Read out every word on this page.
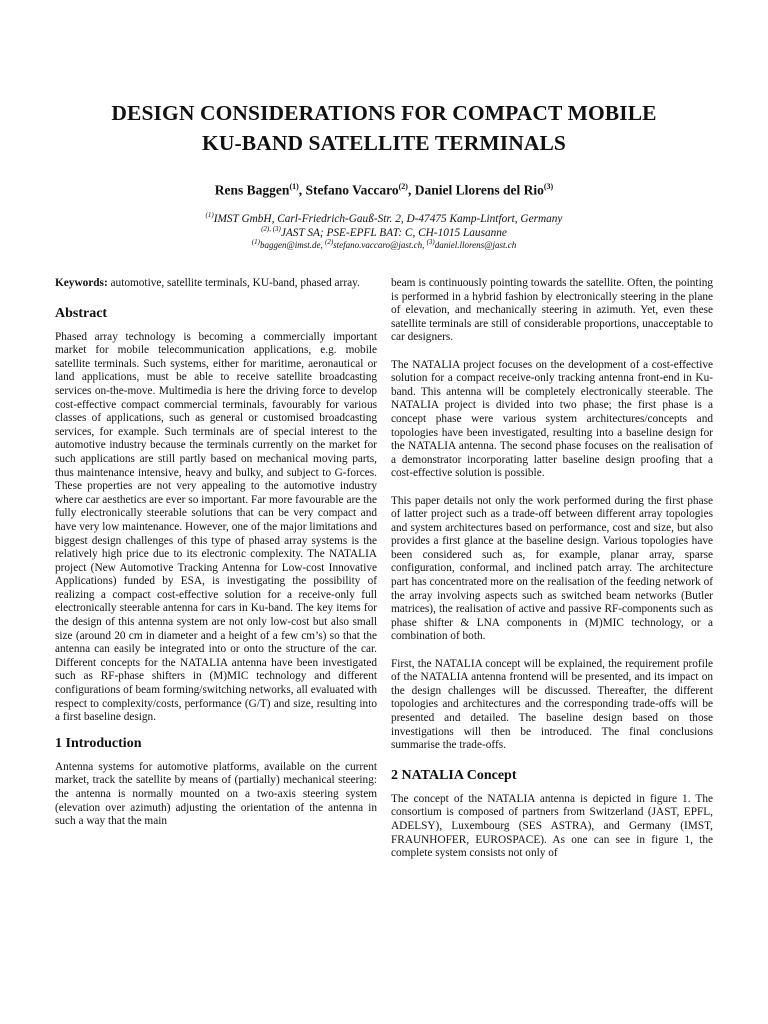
DESIGN CONSIDERATIONS FOR COMPACT MOBILE
KU-BAND SATELLITE TERMINALS
Rens Baggen$^{(1)}$, Stefano Vaccaro$^{(2)}$, Daniel Llorens del Rio$^{(3)}$
$^{(1)}$IMST GmbH, Carl-Friedrich-Gauß-Str. 2, D-47475 Kamp-Lintfort, Germany
$^{(2), (3)}$JAST SA; PSE-EPFL BAT: C, CH-1015 Lausanne
$^{(1)}$baggen@imst.de, $^{(2)}$stefano.vaccaro@jast.ch, $^{(3)}$daniel.llorens@jast.ch

Keywords: automotive, satellite terminals, KU-band, phased array.

Abstract

Phased array technology is becoming a commercially important market for mobile telecommunication applications, e.g. mobile satellite terminals. Such systems, either for maritime, aeronautical or land applications, must be able to receive satellite broadcasting services on-the-move. Multimedia is here the driving force to develop cost-effective compact commercial terminals, favourably for various classes of applications, such as general or customised broadcasting services, for example. Such terminals are of special interest to the automotive industry because the terminals currently on the market for such applications are still partly based on mechanical moving parts, thus maintenance intensive, heavy and bulky, and subject to G-forces. These properties are not very appealing to the automotive industry where car aesthetics are ever so important. Far more favourable are the fully electronically steerable solutions that can be very compact and have very low maintenance. However, one of the major limitations and biggest design challenges of this type of phased array systems is the relatively high price due to its electronic complexity. The NATALIA project (New Automotive Tracking Antenna for Low-cost Innovative Applications) funded by ESA, is investigating the possibility of realizing a compact cost-effective solution for a receive-only full electronically steerable antenna for cars in Ku-band. The key items for the design of this antenna system are not only low-cost but also small size (around 20 cm in diameter and a height of a few cm’s) so that the antenna can easily be integrated into or onto the structure of the car. Different concepts for the NATALIA antenna have been investigated such as RF-phase shifters in (M)MIC technology and different configurations of beam forming/switching networks, all evaluated with respect to complexity/costs, performance (G/T) and size, resulting into a first baseline design.

1 Introduction

Antenna systems for automotive platforms, available on the current market, track the satellite by means of (partially) mechanical steering: the antenna is normally mounted on a two-axis steering system (elevation over azimuth) adjusting the orientation of the antenna in such a way that the main

beam is continuously pointing towards the satellite. Often, the pointing is performed in a hybrid fashion by electronically steering in the plane of elevation, and mechanically steering in azimuth. Yet, even these satellite terminals are still of considerable proportions, unacceptable to car designers.

The NATALIA project focuses on the development of a cost-effective solution for a compact receive-only tracking antenna front-end in Ku-band. This antenna will be completely electronically steerable. The NATALIA project is divided into two phase; the first phase is a concept phase were various system architectures/concepts and topologies have been investigated, resulting into a baseline design for the NATALIA antenna. The second phase focuses on the realisation of a demonstrator incorporating latter baseline design proofing that a cost-effective solution is possible.

This paper details not only the work performed during the first phase of latter project such as a trade-off between different array topologies and system architectures based on performance, cost and size, but also provides a first glance at the baseline design. Various topologies have been considered such as, for example, planar array, sparse configuration, conformal, and inclined patch array. The architecture part has concentrated more on the realisation of the feeding network of the array involving aspects such as switched beam networks (Butler matrices), the realisation of active and passive RF-components such as phase shifter & LNA components in (M)MIC technology, or a combination of both.

First, the NATALIA concept will be explained, the requirement profile of the NATALIA antenna frontend will be presented, and its impact on the design challenges will be discussed. Thereafter, the different topologies and architectures and the corresponding trade-offs will be presented and detailed. The baseline design based on those investigations will then be introduced. The final conclusions summarise the trade-offs.

2 NATALIA Concept

The concept of the NATALIA antenna is depicted in figure 1. The consortium is composed of partners from Switzerland (JAST, EPFL, ADELSY), Luxembourg (SES ASTRA), and Germany (IMST, FRAUNHOFER, EUROSPACE). As one can see in figure 1, the complete system consists not only of
